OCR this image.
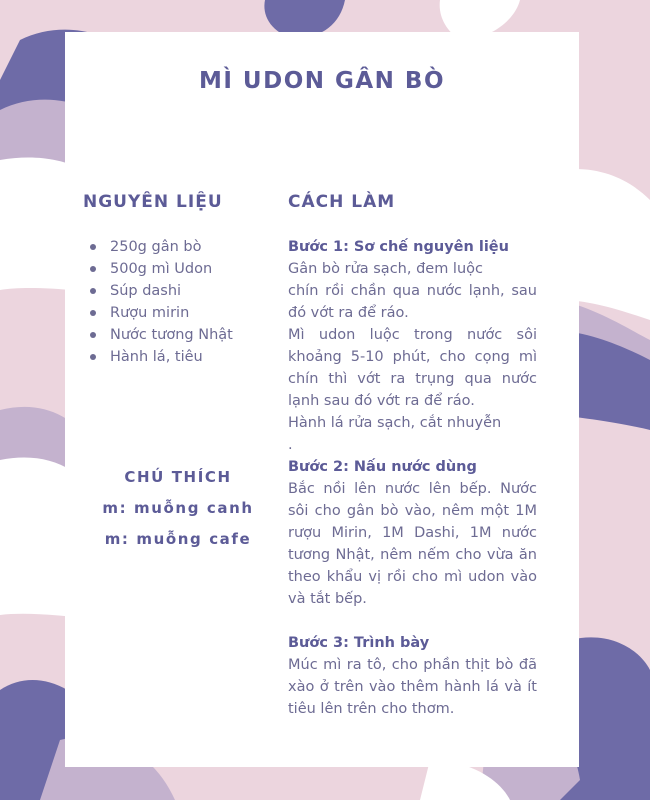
MÌ UDON GÂN BÒ
NGUYÊN LIỆU
250g gân bò
500g mì Udon
Súp dashi
Rượu mirin
Nước tương Nhật
Hành lá, tiêu
CHÚ THÍCH
m: muỗng canh
m: muỗng cafe
CÁCH LÀM

Bước 1: Sơ chế nguyên liệu

Gân bò rửa sạch, đem luộc

chín rồi chần qua nước lạnh, sau đó vớt ra để ráo.

Mì udon luộc trong nước sôi khoảng 5-10 phút, cho cọng mì chín thì vớt ra trụng qua nước lạnh sau đó vớt ra để ráo.

Hành lá rửa sạch, cắt nhuyễn

.

Bước 2: Nấu nước dùng

Bắc nồi lên nước lên bếp. Nước sôi cho gân bò vào, nêm một 1M rượu Mirin, 1M Dashi, 1M nước tương Nhật, nêm nếm cho vừa ăn theo khẩu vị rồi cho mì udon vào và tắt bếp.

Bước 3: Trình bày

Múc mì ra tô, cho phần thịt bò đã xào ở trên vào thêm hành lá và ít tiêu lên trên cho thơm.
